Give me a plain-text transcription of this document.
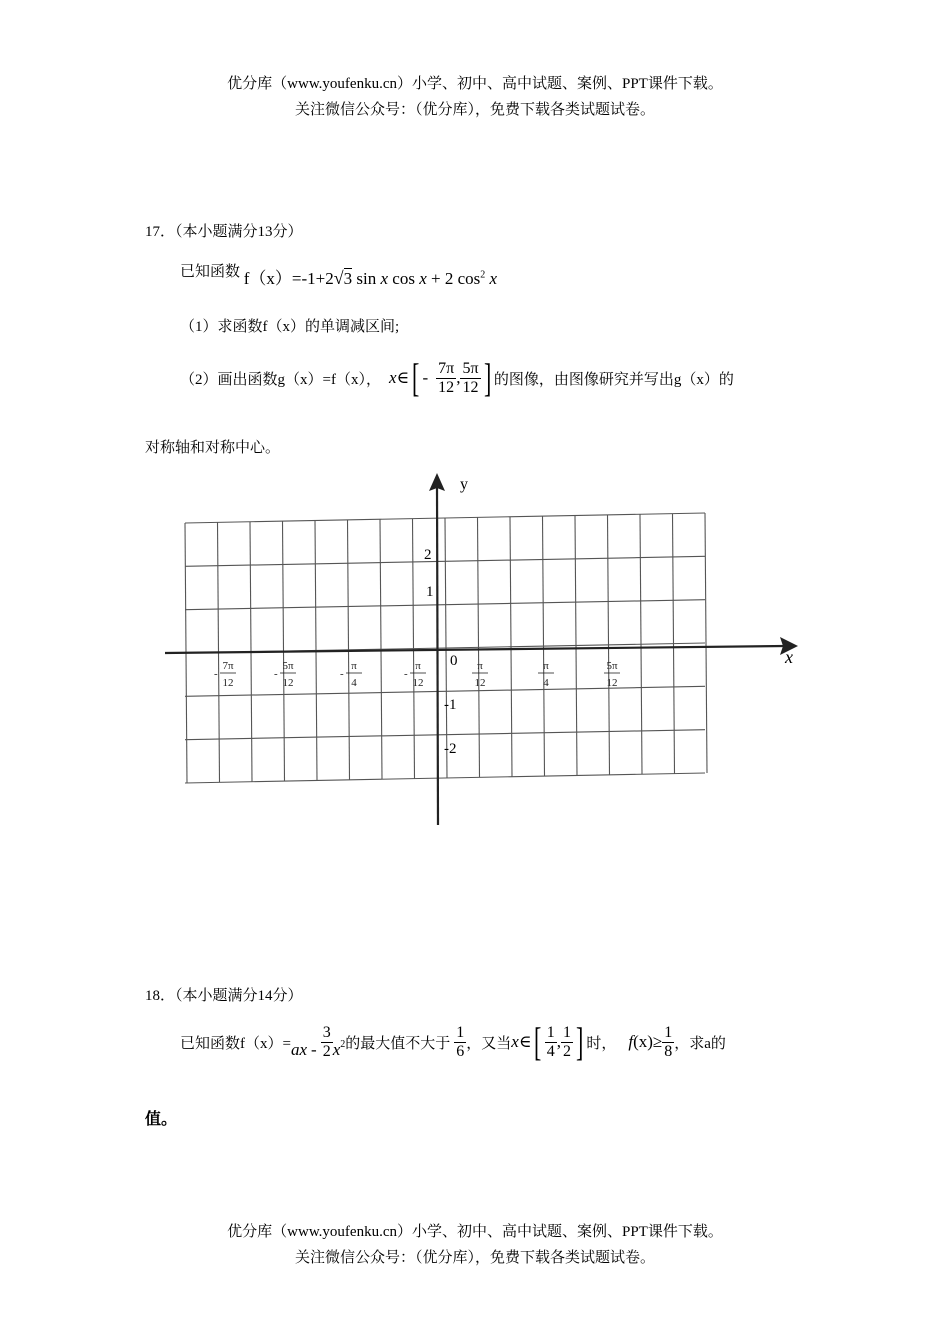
优分库（www.youfenku.cn）小学、初中、高中试题、案例、PPT课件下载。
关注微信公众号：（优分库），免费下载各类试题试卷。
17．（本小题满分13分）
已知函数 f（x）=-1+2√3 sin x cos x + 2 $\cos^2 x$
（1）求函数f（x）的单调减区间;
（2）画出函数g（x）=f（x）， x ∈ [ - $\frac{7\pi}{12}$ , $\frac{5\pi}{12}$ ] 的图像，由图像研究并写出g（x）的
对称轴和对称中心。
y
x
0
2
1
-1
-2
-
7π
12
-
5π
12
-
π
4
-
π
12
π
12
π
4
5π
12
18．（本小题满分14分）
已知函数f（x）= ax - $\frac{3}{2} x^2$ 的最大值不大于 $\frac{1}{6}$ ，又当 x ∈ [ $\frac{1}{4}$ , $\frac{1}{2}$ ] 时， f $(x) \ge \frac{1}{8}$ ，求a的
值。
优分库（www.youfenku.cn）小学、初中、高中试题、案例、PPT课件下载。
关注微信公众号：（优分库），免费下载各类试题试卷。
